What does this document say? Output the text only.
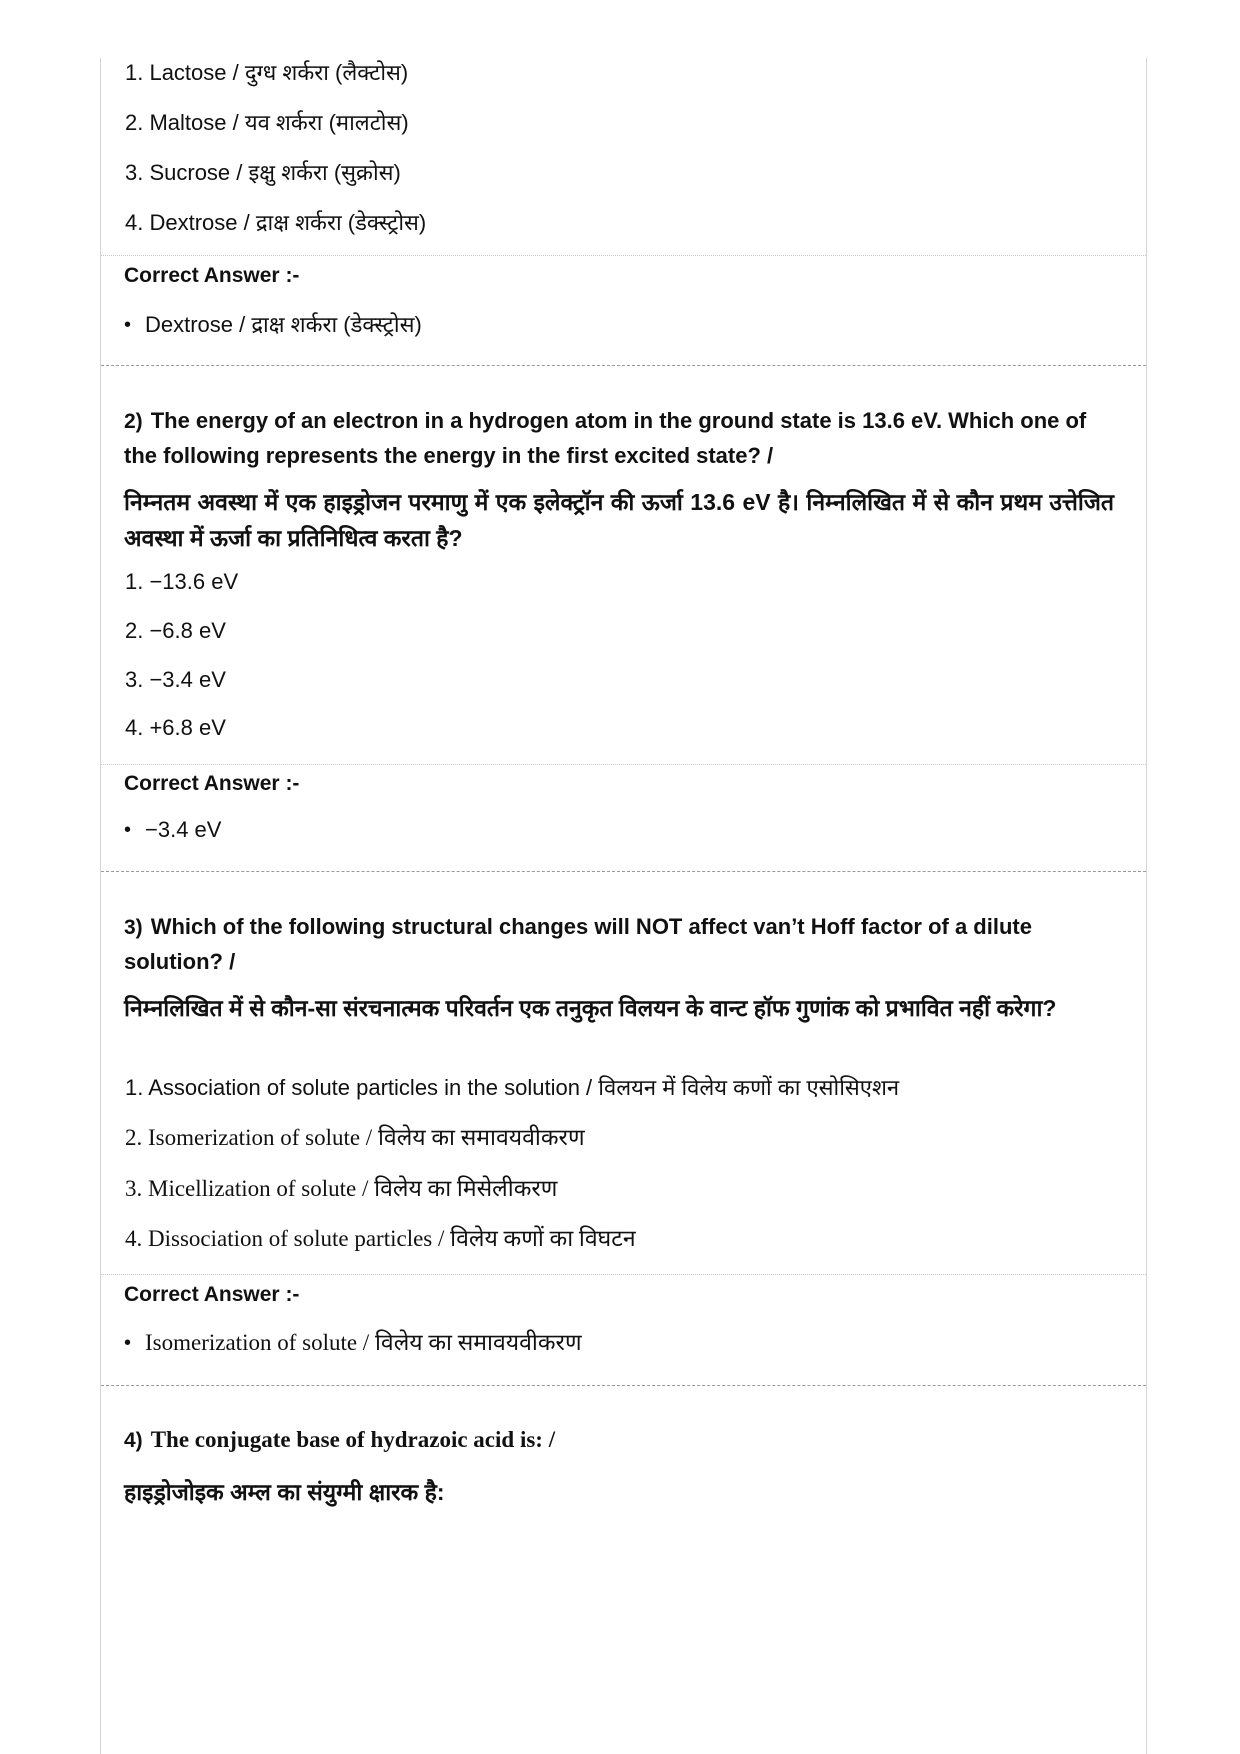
1. Lactose / दुग्ध शर्करा (लैक्टोस)
2. Maltose / यव शर्करा (मालटोस)
3. Sucrose / इक्षु शर्करा (सुक्रोस)
4. Dextrose / द्राक्ष शर्करा (डेक्स्ट्रोस)
Correct Answer :-
• Dextrose / द्राक्ष शर्करा (डेक्स्ट्रोस)
2) The energy of an electron in a hydrogen atom in the ground state is 13.6 eV. Which one of the following represents the energy in the first excited state? /
निम्नतम अवस्था में एक हाइड्रोजन परमाणु में एक इलेक्ट्रॉन की ऊर्जा 13.6 eV है। निम्नलिखित में से कौन प्रथम उत्तेजित अवस्था में ऊर्जा का प्रतिनिधित्व करता है?
1. −13.6 eV
2. −6.8 eV
3. −3.4 eV
4. +6.8 eV
Correct Answer :-
• −3.4 eV
3) Which of the following structural changes will NOT affect van’t Hoff factor of a dilute solution? /
निम्नलिखित में से कौन-सा संरचनात्मक परिवर्तन एक तनुकृत विलयन के वान्ट हॉफ गुणांक को प्रभावित नहीं करेगा?
1. Association of solute particles in the solution / विलयन में विलेय कणों का एसोसिएशन
2. Isomerization of solute / विलेय का समावयवीकरण
3. Micellization of solute / विलेय का मिसेलीकरण
4. Dissociation of solute particles / विलेय कणों का विघटन
Correct Answer :-
• Isomerization of solute / विलेय का समावयवीकरण
4) The conjugate base of hydrazoic acid is: /
हाइड्रोजोइक अम्ल का संयुग्मी क्षारक है:
